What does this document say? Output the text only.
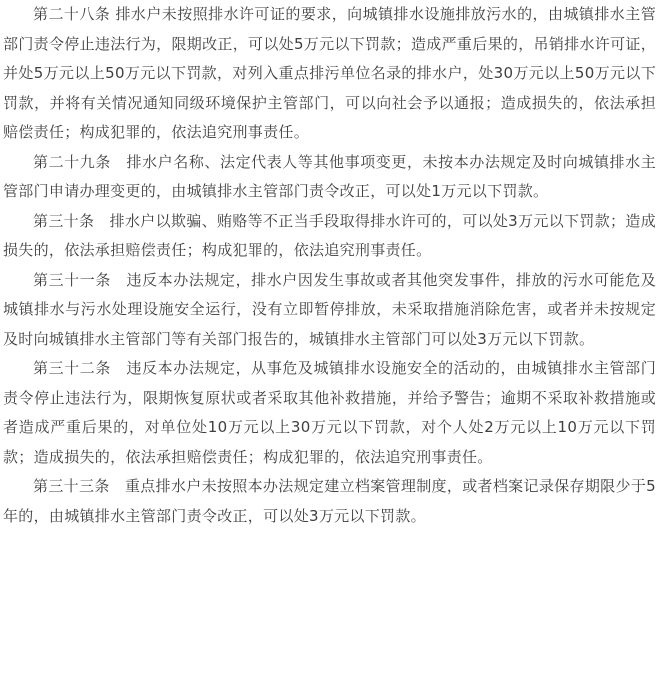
第二十八条 排水户未按照排水许可证的要求，向城镇排水设施排放污水的，由城镇排水主管部门责令停止违法行为，限期改正，可以处5万元以下罚款；造成严重后果的，吊销排水许可证，并处5万元以上50万元以下罚款，对列入重点排污单位名录的排水户，处30万元以上50万元以下罚款，并将有关情况通知同级环境保护主管部门，可以向社会予以通报；造成损失的，依法承担赔偿责任；构成犯罪的，依法追究刑事责任。

第二十九条　排水户名称、法定代表人等其他事项变更，未按本办法规定及时向城镇排水主管部门申请办理变更的，由城镇排水主管部门责令改正，可以处1万元以下罚款。

第三十条　排水户以欺骗、贿赂等不正当手段取得排水许可的，可以处3万元以下罚款；造成损失的，依法承担赔偿责任；构成犯罪的，依法追究刑事责任。

第三十一条　违反本办法规定，排水户因发生事故或者其他突发事件，排放的污水可能危及城镇排水与污水处理设施安全运行，没有立即暂停排放，未采取措施消除危害，或者并未按规定及时向城镇排水主管部门等有关部门报告的，城镇排水主管部门可以处3万元以下罚款。

第三十二条　违反本办法规定，从事危及城镇排水设施安全的活动的，由城镇排水主管部门责令停止违法行为，限期恢复原状或者采取其他补救措施，并给予警告；逾期不采取补救措施或者造成严重后果的，对单位处10万元以上30万元以下罚款，对个人处2万元以上10万元以下罚款；造成损失的，依法承担赔偿责任；构成犯罪的，依法追究刑事责任。

第三十三条　重点排水户未按照本办法规定建立档案管理制度，或者档案记录保存期限少于5年的，由城镇排水主管部门责令改正，可以处3万元以下罚款。
